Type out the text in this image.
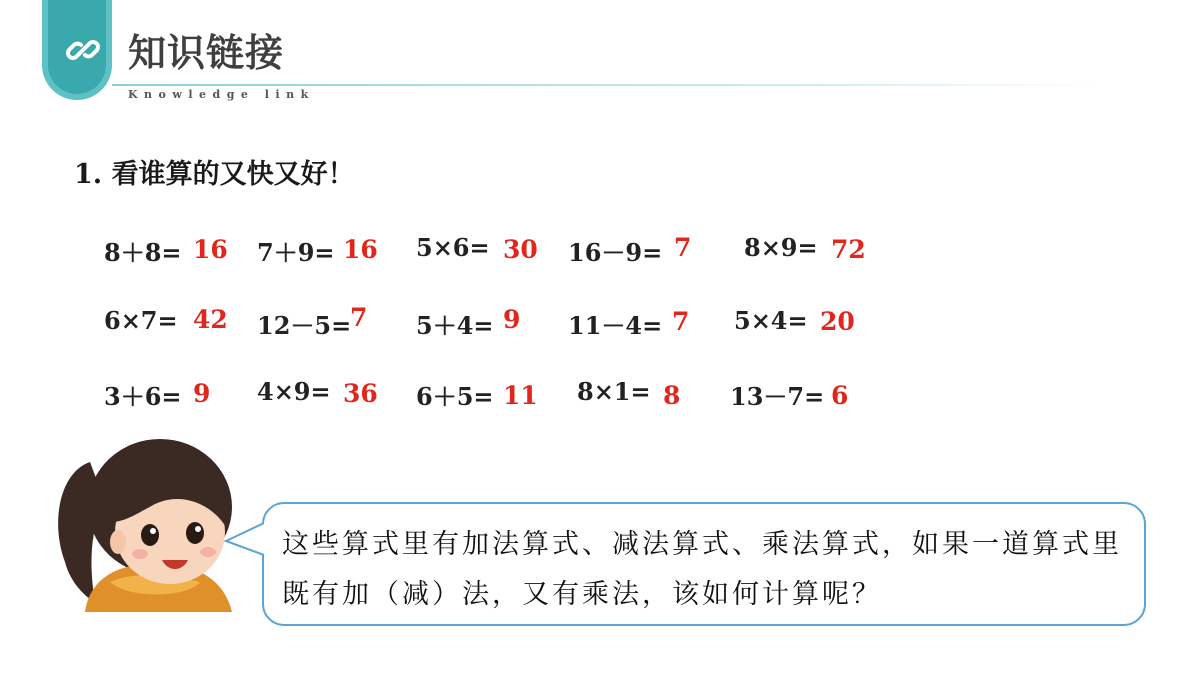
知识链接
Knowledge link
1. 看谁算的又快又好！
8＋8= 16 7＋9= 16 5×6= 30 16－9= 7 8×9= 72
6×7= 42 12－5=
7 5＋4= 9 11－4= 7 5×4= 20
3＋6= 9 4×9= 36 6＋5= 11 8×1= 8 13－7= 6
这些算式里有加法算式、减法算式、乘法算式，如果一道算式里既有加（减）法，又有乘法，该如何计算呢？
